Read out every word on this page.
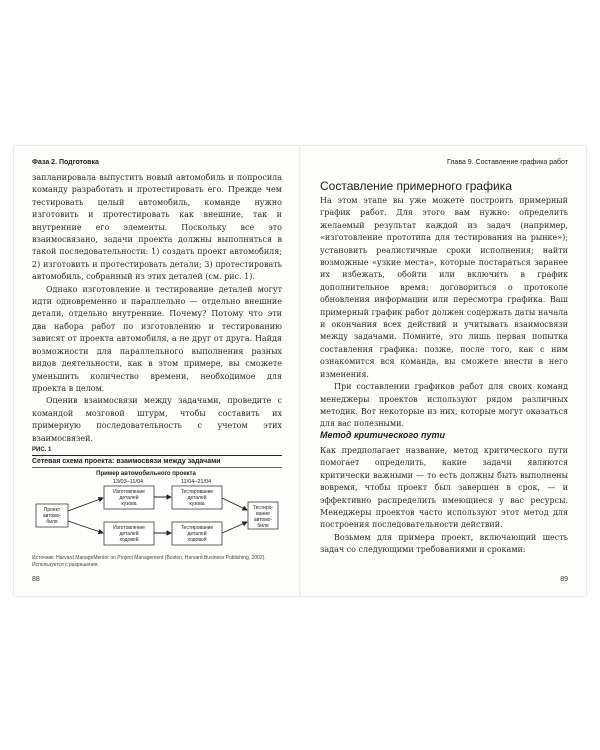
Фаза 2. Подготовка

запланировала выпустить новый автомобиль и попросила команду разработать и протестировать его. Прежде чем тестировать целый автомобиль, команде нужно изготовить и протестировать как внешние, так и внутренние его элементы. Поскольку все это взаимосвязано, задачи проекта должны выполняться в такой последовательности: 1) создать проект автомобиля; 2) изготовить и протестировать детали; 3) протестировать автомобиль, собранный из этих деталей (см. рис. 1).

Однако изготовление и тестирование деталей могут идти одновременно и параллельно — отдельно внешние детали, отдельно внутренние. Почему? Потому что эти два набора работ по изготовлению и тестированию зависят от проекта автомобиля, а не друг от друга. Найдя возможности для параллельного выполнения разных видов деятельности, как в этом примере, вы сможете уменьшить количество времени, необходимое для проекта в целом.

Оценив взаимосвязи между задачами, проведите с командой мозговой штурм, чтобы составить их примерную последовательность с учетом этих взаимосвязей.

РИС. 1
Сетевая схема проекта: взаимосвязи между задачами
Пример автомобильного проекта
13/03–11/04	11/04–21/04
Проект
автомо-
биля
Изготовление
деталей
кузова
Тестирование
деталей
кузова
Изготовление
деталей
ходовой
Тестирование
деталей
ходовой
Тестиро-
вание
автомо-
биля
Источник: Harvard ManageMentor on Project Management (Boston, Harvard Business Publishing, 2002). Используется с разрешения.
88
Глава 9. Составление графика работ
Составление примерного графика

На этом этапе вы уже можете построить примерный график работ. Для этого вам нужно: определить желаемый результат каждой из задач (например, «изготовление прототипа для тестирования на рынке»); установить реалистичные сроки исполнения; найти возможные «узкие места», которые постараться заранее их избежать, обойти или включить в график дополнительное время; договориться о протоколе обновления информации или пересмотра графика. Ваш примерный график работ должен содержать даты начала и окончания всех действий и учитывать взаимосвязи между задачами. Помните, это лишь первая попытка составления графика: позже, после того, как с ним ознакомится вся команда, вы сможете внести в него изменения.

При составлении графиков работ для своих команд менеджеры проектов используют рядом различных методик. Вот некоторые из них, которые могут оказаться для вас полезными.

Метод критического пути

Как предполагает название, метод критического пути помогает определить, какие задачи являются критически важными — то есть должны быть выполнены вовремя, чтобы проект был завершен в срок, — и эффективно распределить имеющиеся у вас ресурсы. Менеджеры проектов часто используют этот метод для построения последовательности действий.

Возьмем для примера проект, включающий шесть задач со следующими требованиями и сроками:

89
